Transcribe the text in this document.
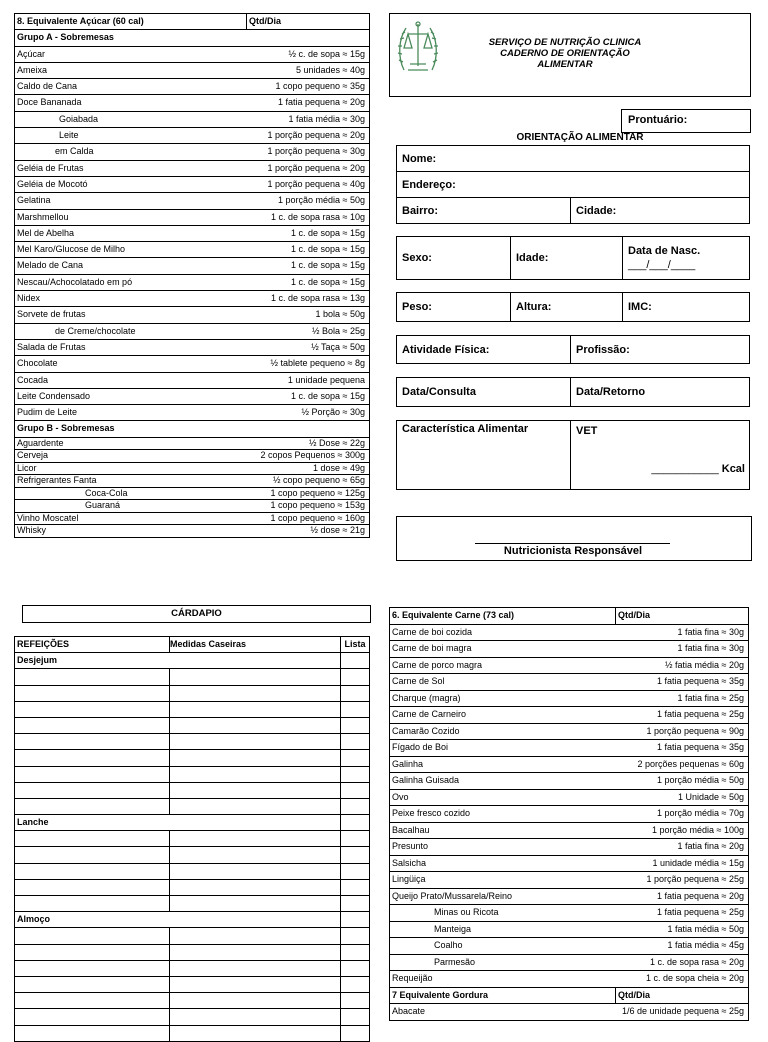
8. Equivalente Açúcar (60 cal)	Qtd/Dia
Grupo A - Sobremesas	
Açúcar	½ c. de sopa ≈ 15g
Ameixa	5 unidades ≈ 40g
Caldo de Cana	1 copo pequeno ≈ 35g
Doce Bananada	1 fatia pequena ≈ 20g
Goiabada	1 fatia média ≈ 30g
Leite	1 porção pequena ≈ 20g
em Calda	1 porção pequena ≈ 30g
Geléia de Frutas	1 porção pequena ≈ 20g
Geléia de Mocotó	1 porção pequena ≈ 40g
Gelatina	1 porção média ≈ 50g
Marshmellou	1 c. de sopa rasa ≈ 10g
Mel de Abelha	1 c. de sopa ≈ 15g
Mel Karo/Glucose de Milho	1 c. de sopa ≈ 15g
Melado de Cana	1 c. de sopa ≈ 15g
Nescau/Achocolatado em pó	1 c. de sopa ≈ 15g
Nidex	1 c. de sopa rasa ≈ 13g
Sorvete de frutas	1 bola ≈ 50g
de Creme/chocolate	½ Bola ≈ 25g
Salada de Frutas	½ Taça ≈ 50g
Chocolate	½ tablete pequeno ≈ 8g
Cocada	1 unidade pequena
Leite Condensado	1 c. de sopa ≈ 15g
Pudim de Leite	½ Porção ≈ 30g
Grupo B - Sobremesas	
Aguardente	½ Dose ≈ 22g
Cerveja	2 copos Pequenos ≈ 300g
Licor	1 dose ≈ 49g
Refrigerantes Fanta	½ copo pequeno ≈ 65g
Coca-Cola	1 copo pequeno ≈ 125g
Guaraná	1 copo pequeno ≈ 153g
Vinho Moscatel	1 copo pequeno ≈ 160g
Whisky	½ dose ≈ 21g
SERVIÇO DE NUTRIÇÃO CLINICA
CADERNO DE ORIENTAÇÃO
ALIMENTAR
Prontuário:
ORIENTAÇÃO ALIMENTAR
Nome:
Endereço:
Bairro:	Cidade:
Sexo:	Idade:	Data de Nasc.
___/___/____
Peso:	Altura:	IMC:
Atividade Física:	Profissão:
Data/Consulta	Data/Retorno
Característica Alimentar	VET
___________ Kcal
Nutricionista Responsável
CÁRDAPIO
REFEIÇÕES	Medidas Caseiras	Lista
Desjejum		

Lanche		

Almoço		

6. Equivalente Carne (73 cal)	Qtd/Dia
Carne de boi cozida	1 fatia fina ≈ 30g
Carne de boi magra	1 fatia fina ≈ 30g
Carne de porco magra	½ fatia média ≈ 20g
Carne de Sol	1 fatia pequena ≈ 35g
Charque (magra)	1 fatia fina ≈ 25g
Carne de Carneiro	1 fatia pequena ≈ 25g
Camarão Cozido	1 porção pequena ≈ 90g
Fígado de Boi	1 fatia pequena ≈ 35g
Galinha	2 porções pequenas ≈ 60g
Galinha Guisada	1 porção média ≈ 50g
Ovo	1 Unidade ≈ 50g
Peixe fresco cozido	1 porção média ≈ 70g
Bacalhau	1 porção média ≈ 100g
Presunto	1 fatia fina ≈ 20g
Salsicha	1 unidade média ≈ 15g
Lingüiça	1 porção pequena ≈ 25g
Queijo Prato/Mussarela/Reino	1 fatia pequena ≈ 20g
Minas ou Ricota	1 fatia pequena ≈ 25g
Manteiga	1 fatia média ≈ 50g
Coalho	1 fatia média ≈ 45g
Parmesão	1 c. de sopa rasa ≈ 20g
Requeijão	1 c. de sopa cheia ≈ 20g
7 Equivalente Gordura	Qtd/Dia
Abacate	1/6 de unidade pequena ≈ 25g
